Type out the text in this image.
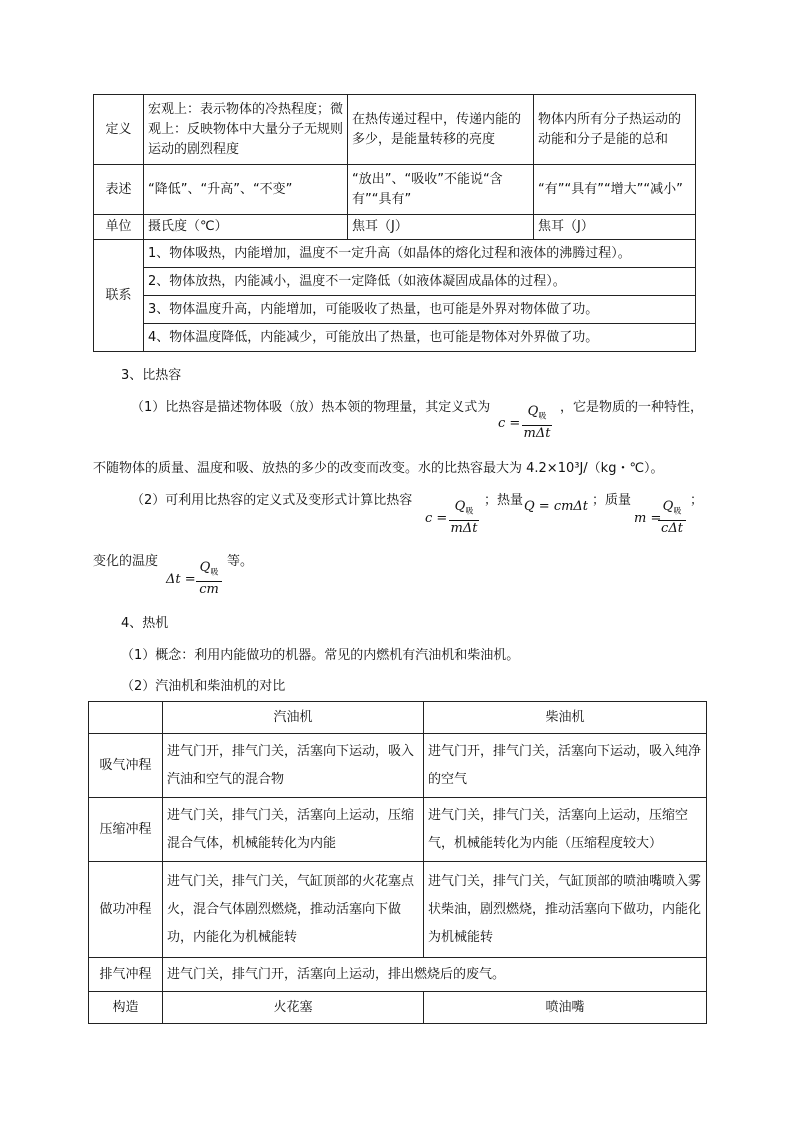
定义	宏观上：表示物体的冷热程度；微观上：反映物体中大量分子无规则运动的剧烈程度	在热传递过程中，传递内能的多少，是能量转移的亮度	物体内所有分子热运动的动能和分子是能的总和
表述	“降低”、“升高”、“不变”	“放出”、“吸收”不能说“含有”“具有”	“有”“具有”“增大”“减小”
单位	摄氏度（℃）	焦耳（J）	焦耳（J）
联系	1、物体吸热，内能增加，温度不一定升高（如晶体的熔化过程和液体的沸腾过程）。		
	2、物体放热，内能减小，温度不一定降低（如液体凝固成晶体的过程）。		
	3、物体温度升高，内能增加，可能吸收了热量，也可能是外界对物体做了功。		
	4、物体温度降低，内能减少，可能放出了热量，也可能是物体对外界做了功。		
3、比热容
（1）比热容是描述物体吸（放）热本领的物理量，其定义式为
c =
$Q_吸$
mΔt
，它是物质的一种特性，
不随物体的质量、温度和吸、放热的多少的改变而改变。水的比热容最大为 4.2×10³J/（kg・℃）。
（2）可利用比热容的定义式及变形式计算比热容
c =
$Q_吸$
mΔt
；热量 Q = cmΔt ；质量
m =
$Q_吸$
cΔt
；
变化的温度
Δt =
$Q_吸$
cm
等。
4、热机
（1）概念：利用内能做功的机器。常见的内燃机有汽油机和柴油机。
（2）汽油机和柴油机的对比
	汽油机	柴油机
吸气冲程	进气门开，排气门关，活塞向下运动，吸入汽油和空气的混合物	进气门开，排气门关，活塞向下运动，吸入纯净的空气
压缩冲程	进气门关，排气门关，活塞向上运动，压缩混合气体，机械能转化为内能	进气门关，排气门关，活塞向上运动，压缩空气，机械能转化为内能（压缩程度较大）
做功冲程	进气门关，排气门关，气缸顶部的火花塞点火，混合气体剧烈燃烧，推动活塞向下做功，内能化为机械能转	进气门关，排气门关，气缸顶部的喷油嘴喷入雾状柴油，剧烈燃烧，推动活塞向下做功，内能化为机械能转
排气冲程	进气门关，排气门开，活塞向上运动，排出燃烧后的废气。	
构造	火花塞	喷油嘴
